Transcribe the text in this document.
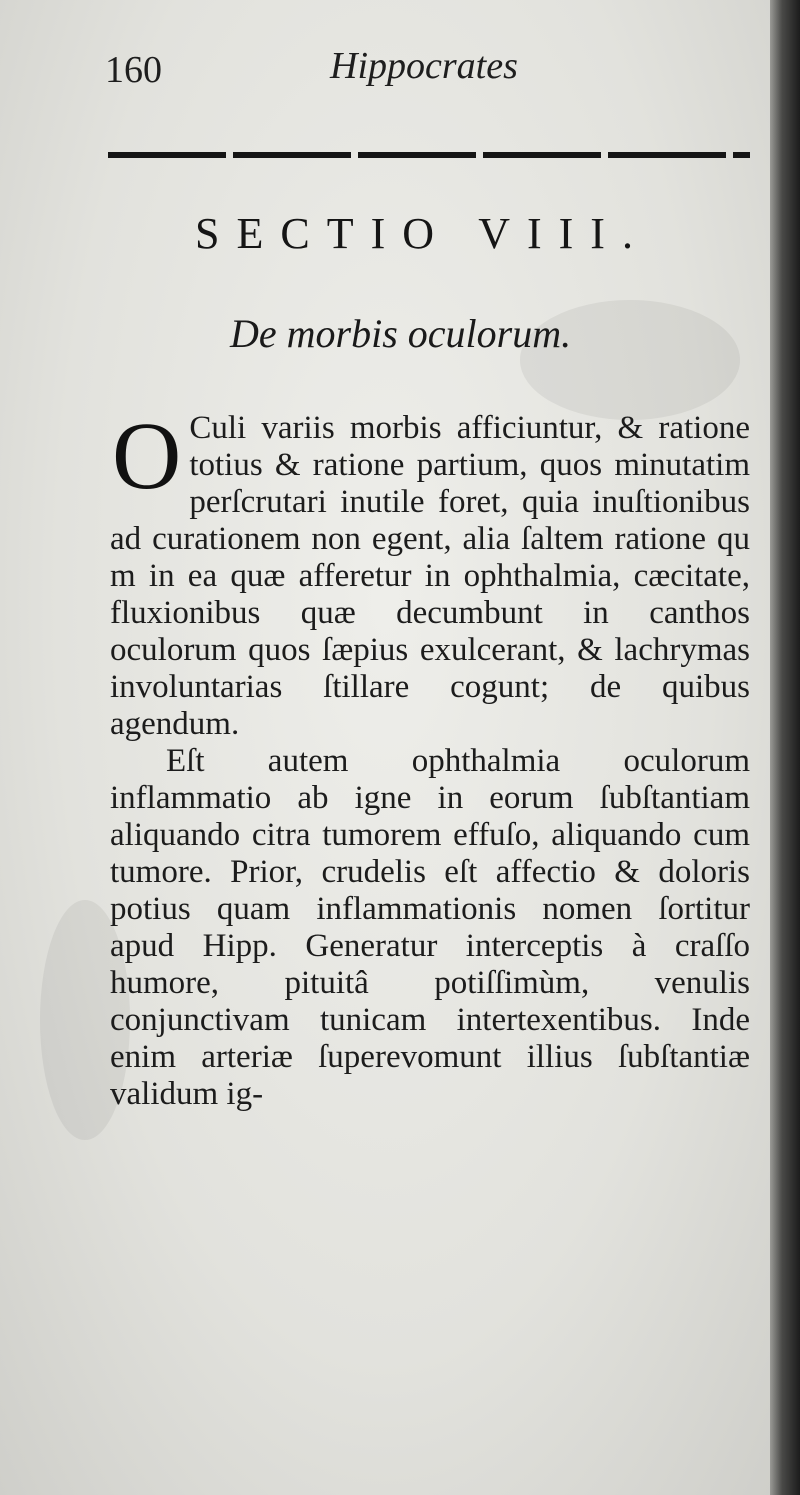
160	Hippocrates
SECTIO VIII.
De morbis oculorum.

O Culi variis morbis afficiuntur, & ratione totius & ratione partium, quos minutatim perſcrutari inutile foret, quia inuſtionibus ad curationem non egent, alia ſaltem ratione qu m in ea quæ afferetur in ophthalmia, cæcitate, fluxionibus quæ decumbunt in canthos oculorum quos ſæpius exulcerant, & lachrymas involuntarias ſtillare cogunt; de quibus agendum.

Eſt autem ophthalmia oculorum inflammatio ab igne in eorum ſubſtantiam aliquando citra tumorem effuſo, aliquando cum tumore. Prior, crudelis eſt affectio & doloris potius quam inflammationis nomen ſortitur apud Hipp. Generatur interceptis à craſſo humore, pituitâ potiſſimùm, venulis conjunctivam tunicam intertexentibus. Inde enim arteriæ ſuperevomunt illius ſubſtantiæ validum ig-
